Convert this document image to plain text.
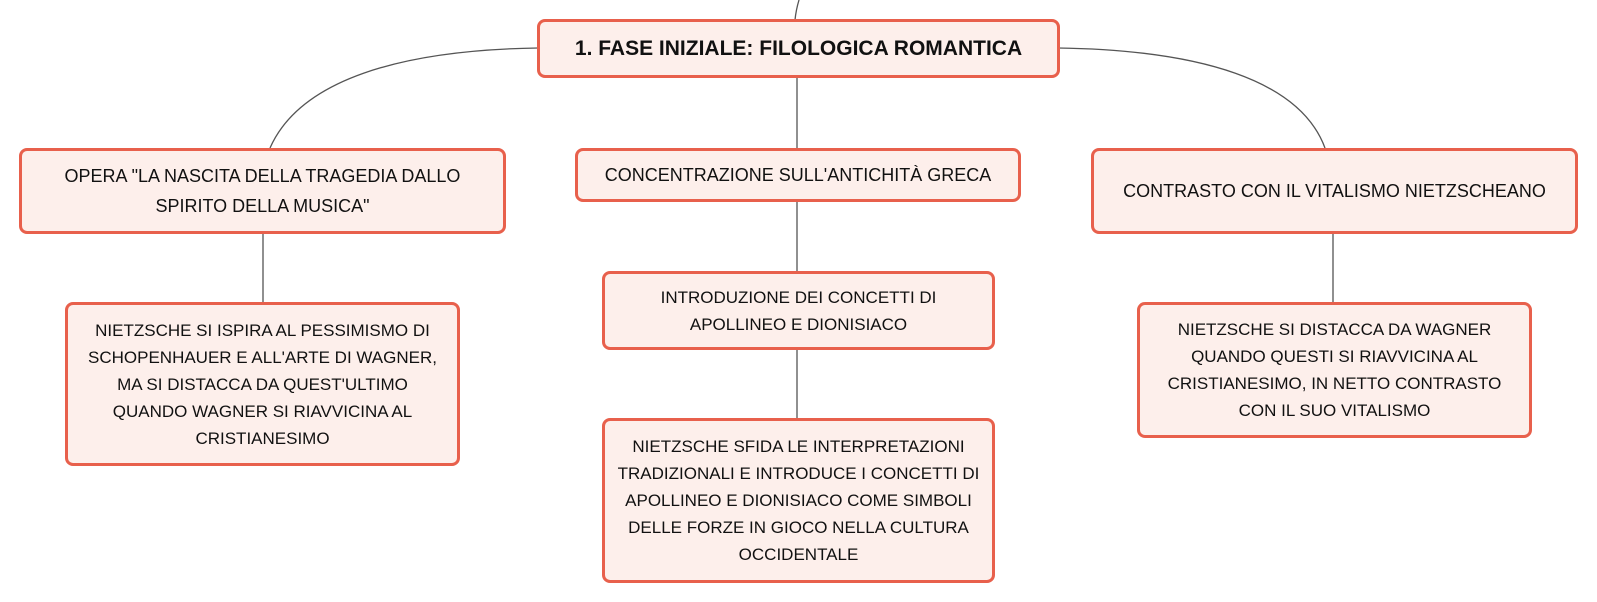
1. FASE INIZIALE: FILOLOGICA ROMANTICA
OPERA "LA NASCITA DELLA TRAGEDIA DALLO SPIRITO DELLA MUSICA"
CONCENTRAZIONE SULL'ANTICHITÀ GRECA
CONTRASTO CON IL VITALISMO NIETZSCHEANO
NIETZSCHE SI ISPIRA AL PESSIMISMO DI SCHOPENHAUER E ALL'ARTE DI WAGNER, MA SI DISTACCA DA QUEST'ULTIMO QUANDO WAGNER SI RIAVVICINA AL CRISTIANESIMO
INTRODUZIONE DEI CONCETTI DI APOLLINEO E DIONISIACO
NIETZSCHE SFIDA LE INTERPRETAZIONI TRADIZIONALI E INTRODUCE I CONCETTI DI APOLLINEO E DIONISIACO COME SIMBOLI DELLE FORZE IN GIOCO NELLA CULTURA OCCIDENTALE
NIETZSCHE SI DISTACCA DA WAGNER QUANDO QUESTI SI RIAVVICINA AL CRISTIANESIMO, IN NETTO CONTRASTO CON IL SUO VITALISMO
